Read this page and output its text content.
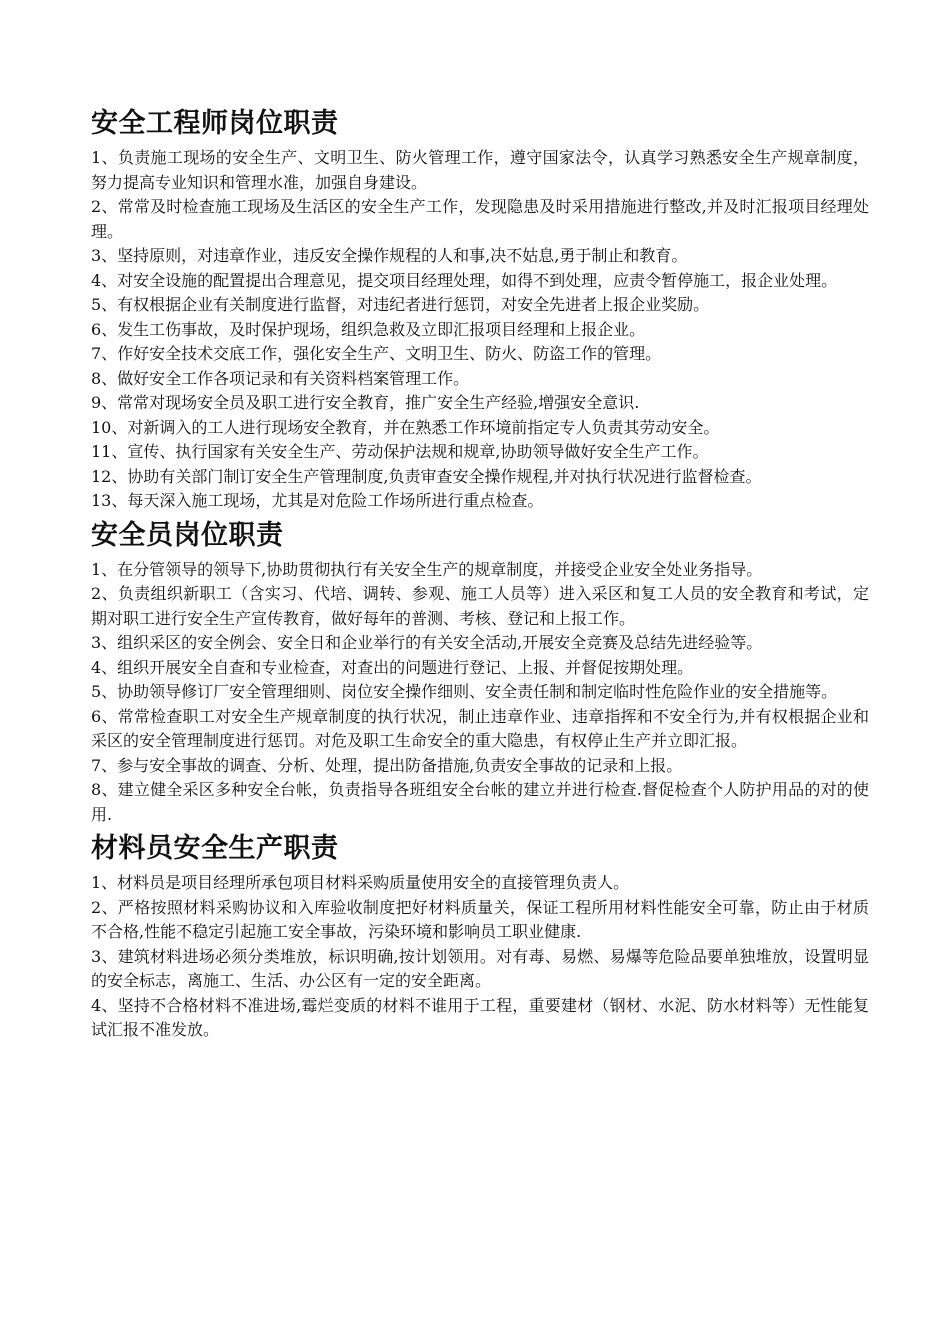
安全工程师岗位职责

1、负责施工现场的安全生产、文明卫生、防火管理工作，遵守国家法令，认真学习熟悉安全生产规章制度，努力提高专业知识和管理水准，加强自身建设。

2、常常及时检查施工现场及生活区的安全生产工作，发现隐患及时采用措施进行整改,并及时汇报项目经理处理。

3、坚持原则，对违章作业，违反安全操作规程的人和事,决不姑息,勇于制止和教育。

4、对安全设施的配置提出合理意见，提交项目经理处理，如得不到处理，应责令暂停施工，报企业处理。

5、有权根据企业有关制度进行监督，对违纪者进行惩罚，对安全先进者上报企业奖励。

6、发生工伤事故，及时保护现场，组织急救及立即汇报项目经理和上报企业。

7、作好安全技术交底工作，强化安全生产、文明卫生、防火、防盗工作的管理。

8、做好安全工作各项记录和有关资料档案管理工作。

9、常常对现场安全员及职工进行安全教育，推广安全生产经验,增强安全意识.

10、对新调入的工人进行现场安全教育，并在熟悉工作环境前指定专人负责其劳动安全。

11、宣传、执行国家有关安全生产、劳动保护法规和规章,协助领导做好安全生产工作。

12、协助有关部门制订安全生产管理制度,负责审查安全操作规程,并对执行状况进行监督检查。

13、每天深入施工现场，尤其是对危险工作场所进行重点检查。

安全员岗位职责

1、在分管领导的领导下,协助贯彻执行有关安全生产的规章制度，并接受企业安全处业务指导。

2、负责组织新职工（含实习、代培、调转、参观、施工人员等）进入采区和复工人员的安全教育和考试，定期对职工进行安全生产宣传教育，做好每年的普测、考核、登记和上报工作。

3、组织采区的安全例会、安全日和企业举行的有关安全活动,开展安全竞赛及总结先进经验等。

4、组织开展安全自查和专业检查，对查出的问题进行登记、上报、并督促按期处理。

5、协助领导修订厂安全管理细则、岗位安全操作细则、安全责任制和制定临时性危险作业的安全措施等。

6、常常检查职工对安全生产规章制度的执行状况，制止违章作业、违章指挥和不安全行为,并有权根据企业和采区的安全管理制度进行惩罚。对危及职工生命安全的重大隐患，有权停止生产并立即汇报。

7、参与安全事故的调查、分析、处理，提出防备措施,负责安全事故的记录和上报。

8、建立健全采区多种安全台帐，负责指导各班组安全台帐的建立并进行检查.督促检查个人防护用品的对的使用.

材料员安全生产职责

1、材料员是项目经理所承包项目材料采购质量使用安全的直接管理负责人。

2、严格按照材料采购协议和入库验收制度把好材料质量关，保证工程所用材料性能安全可靠，防止由于材质不合格,性能不稳定引起施工安全事故，污染环境和影响员工职业健康.

3、建筑材料进场必须分类堆放，标识明确,按计划领用。对有毒、易燃、易爆等危险品要单独堆放，设置明显的安全标志，离施工、生活、办公区有一定的安全距离。

4、坚持不合格材料不准进场,霉烂变质的材料不谁用于工程，重要建材（钢材、水泥、防水材料等）无性能复试汇报不准发放。
